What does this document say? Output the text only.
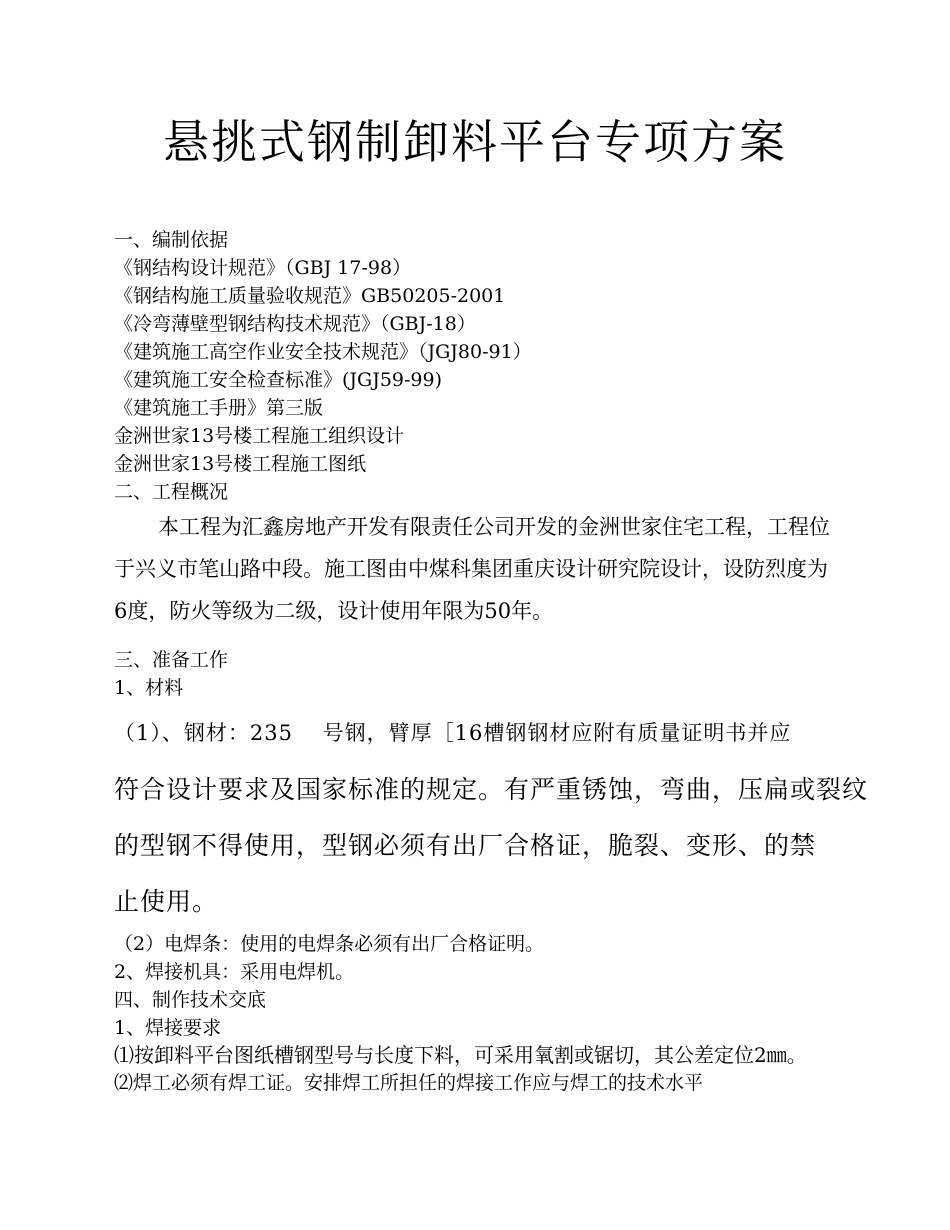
悬挑式钢制卸料平台专项方案
一、编制依据
《钢结构设计规范》（GBJ 17-98）
《钢结构施工质量验收规范》GB50205-2001
《冷弯薄壁型钢结构技术规范》（GBJ-18）
《建筑施工高空作业安全技术规范》（JGJ80-91）
《建筑施工安全检查标准》(JGJ59-99)
《建筑施工手册》第三版
金洲世家13号楼工程施工组织设计
金洲世家13号楼工程施工图纸
二、工程概况
本工程为汇鑫房地产开发有限责任公司开发的金洲世家住宅工程，工程位于兴义市笔山路中段。施工图由中煤科集团重庆设计研究院设计，设防烈度为6度，防火等级为二级，设计使用年限为50年。
三、准备工作
1、材料
（1）、钢材：235　 号钢，臂厚［16槽钢钢材应附有质量证明书并应
符合设计要求及国家标准的规定。有严重锈蚀，弯曲，压扁或裂纹
的型钢不得使用，型钢必须有出厂合格证，脆裂、变形、的禁
止使用。
（2）电焊条：使用的电焊条必须有出厂合格证明。
2、焊接机具：采用电焊机。
四、制作技术交底
1、焊接要求
⑴按卸料平台图纸槽钢型号与长度下料，可采用氧割或锯切，其公差定位2㎜。
⑵焊工必须有焊工证。安排焊工所担任的焊接工作应与焊工的技术水平
